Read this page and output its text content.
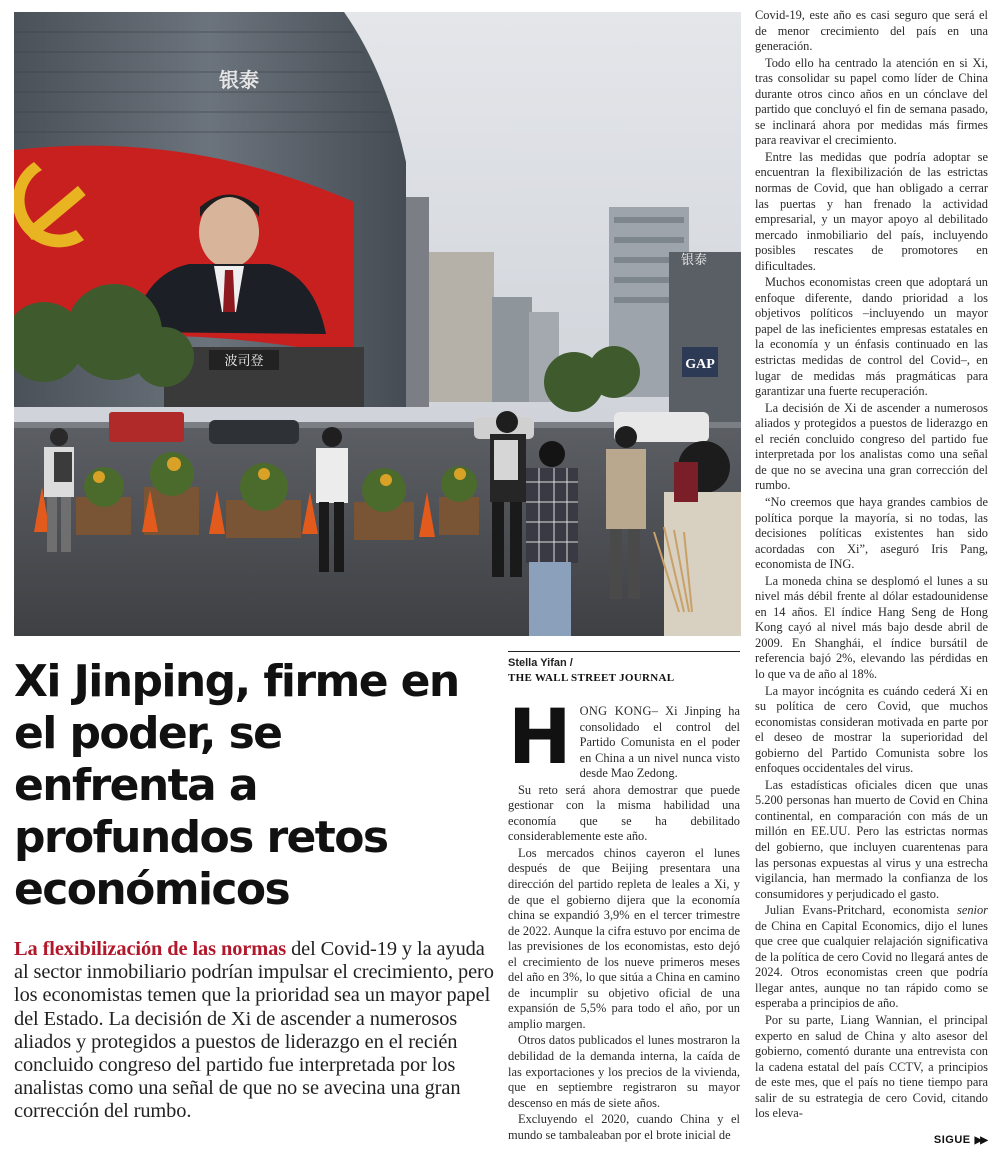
GAP
银泰
银泰
波司登
Xi Jinping, firme en el poder, se enfrenta a profundos retos económicos
La flexibilización de las normas del Covid-19 y la ayuda al sector inmobiliario podrían impulsar el crecimiento, pero los economistas temen que la prioridad sea un mayor papel del Estado. La decisión de Xi de ascender a numerosos aliados y protegidos a puestos de liderazgo en el recién concluido congreso del partido fue interpretada por los analistas como una señal de que no se avecina una gran corrección del rumbo.
Stella Yifan /
THE WALL STREET JOURNAL

HONG KONG– Xi Jinping ha consolidado el control del Partido Comunista en el poder en China a un nivel nunca visto desde Mao Zedong.

Su reto será ahora demostrar que puede gestionar con la misma habilidad una economía que se ha debilitado considerablemente este año.

Los mercados chinos cayeron el lunes después de que Beijing presentara una dirección del partido repleta de leales a Xi, y de que el gobierno dijera que la economía china se expandió 3,9% en el tercer trimestre de 2022. Aunque la cifra estuvo por encima de las previsiones de los economistas, esto dejó el crecimiento de los nueve primeros meses del año en 3%, lo que sitúa a China en camino de incumplir su objetivo oficial de una expansión de 5,5% para todo el año, por un amplio margen.

Otros datos publicados el lunes mostraron la debilidad de la demanda interna, la caída de las exportaciones y los precios de la vivienda, que en septiembre registraron su mayor descenso en más de siete años.

Excluyendo el 2020, cuando China y el mundo se tambaleaban por el brote inicial de

Covid-19, este año es casi seguro que será el de menor crecimiento del país en una generación.

Todo ello ha centrado la atención en si Xi, tras consolidar su papel como líder de China durante otros cinco años en un cónclave del partido que concluyó el fin de semana pasado, se inclinará ahora por medidas más firmes para reavivar el crecimiento.

Entre las medidas que podría adoptar se encuentran la flexibilización de las estrictas normas de Covid, que han obligado a cerrar las puertas y han frenado la actividad empresarial, y un mayor apoyo al debilitado mercado inmobiliario del país, incluyendo posibles rescates de promotores en dificultades.

Muchos economistas creen que adoptará un enfoque diferente, dando prioridad a los objetivos políticos –incluyendo un mayor papel de las ineficientes empresas estatales en la economía y un énfasis continuado en las estrictas medidas de control del Covid–, en lugar de medidas más pragmáticas para garantizar una fuerte recuperación.

La decisión de Xi de ascender a numerosos aliados y protegidos a puestos de liderazgo en el recién concluido congreso del partido fue interpretada por los analistas como una señal de que no se avecina una gran corrección del rumbo.

“No creemos que haya grandes cambios de política porque la mayoría, si no todas, las decisiones políticas existentes han sido acordadas con Xi”, aseguró Iris Pang, economista de ING.

La moneda china se desplomó el lunes a su nivel más débil frente al dólar estadounidense en 14 años. El índice Hang Seng de Hong Kong cayó al nivel más bajo desde abril de 2009. En Shanghái, el índice bursátil de referencia bajó 2%, elevando las pérdidas en lo que va de año al 18%.

La mayor incógnita es cuándo cederá Xi en su política de cero Covid, que muchos economistas consideran motivada en parte por el deseo de mostrar la superioridad del gobierno del Partido Comunista sobre los enfoques occidentales del virus.

Las estadísticas oficiales dicen que unas 5.200 personas han muerto de Covid en China continental, en comparación con más de un millón en EE.UU. Pero las estrictas normas del gobierno, que incluyen cuarentenas para las personas expuestas al virus y una estrecha vigilancia, han mermado la confianza de los consumidores y perjudicado el gasto.

Julian Evans-Pritchard, economista senior de China en Capital Economics, dijo el lunes que cree que cualquier relajación significativa de la política de cero Covid no llegará antes de 2024. Otros economistas creen que podría llegar antes, aunque no tan rápido como se esperaba a principios de año.

Por su parte, Liang Wannian, el principal experto en salud de China y alto asesor del gobierno, comentó durante una entrevista con la cadena estatal del país CCTV, a principios de este mes, que el país no tiene tiempo para salir de su estrategia de cero Covid, citando los eleva-

SIGUE ▶▶
